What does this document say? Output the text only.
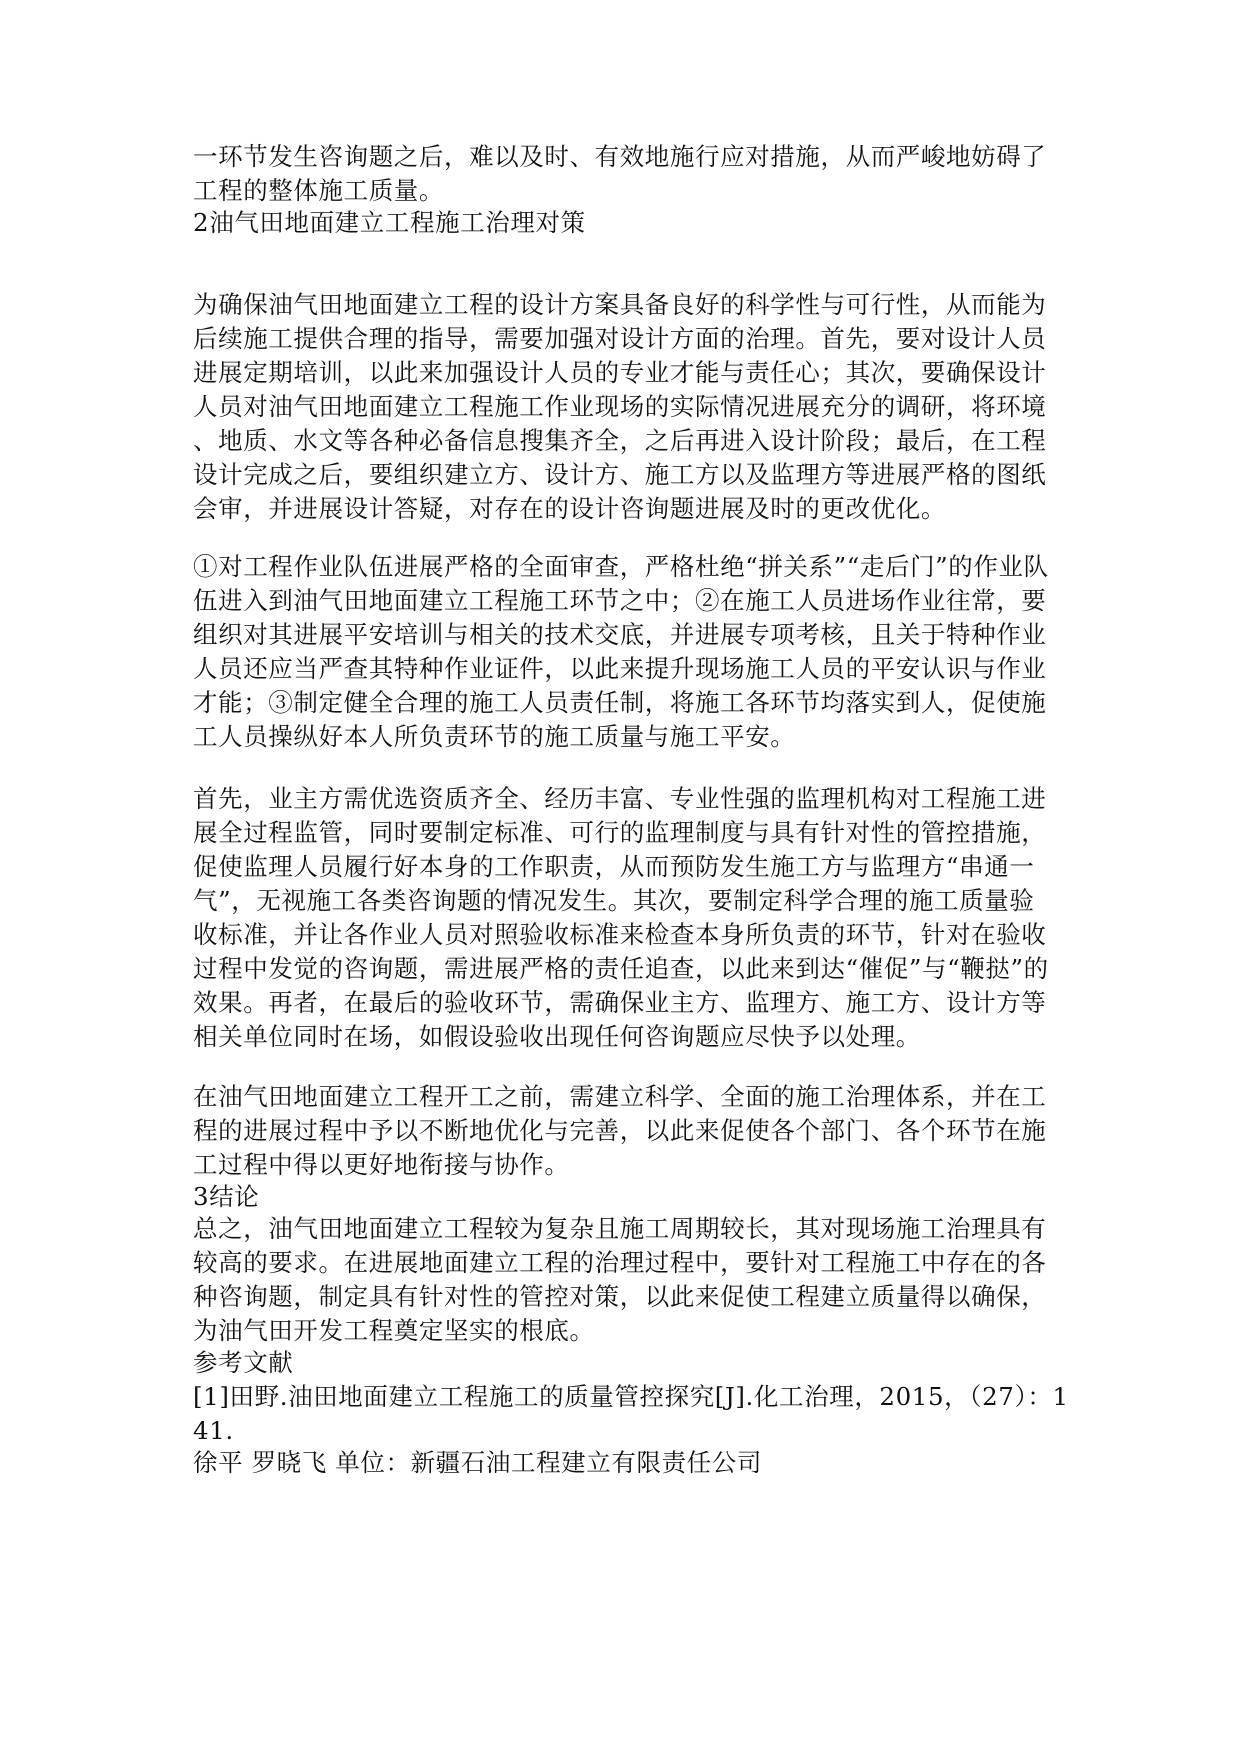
一环节发生咨询题之后，难以及时、有效地施行应对措施，从而严峻地妨碍了
工程的整体施工质量。
2油气田地面建立工程施工治理对策
为确保油气田地面建立工程的设计方案具备良好的科学性与可行性，从而能为
后续施工提供合理的指导，需要加强对设计方面的治理。首先，要对设计人员
进展定期培训，以此来加强设计人员的专业才能与责任心；其次，要确保设计
人员对油气田地面建立工程施工作业现场的实际情况进展充分的调研，将环境
、地质、水文等各种必备信息搜集齐全，之后再进入设计阶段；最后，在工程
设计完成之后，要组织建立方、设计方、施工方以及监理方等进展严格的图纸
会审，并进展设计答疑，对存在的设计咨询题进展及时的更改优化。
①对工程作业队伍进展严格的全面审查，严格杜绝“拼关系”“走后门”的作业队
伍进入到油气田地面建立工程施工环节之中；②在施工人员进场作业往常，要
组织对其进展平安培训与相关的技术交底，并进展专项考核，且关于特种作业
人员还应当严查其特种作业证件，以此来提升现场施工人员的平安认识与作业
才能；③制定健全合理的施工人员责任制，将施工各环节均落实到人，促使施
工人员操纵好本人所负责环节的施工质量与施工平安。
首先，业主方需优选资质齐全、经历丰富、专业性强的监理机构对工程施工进
展全过程监管，同时要制定标准、可行的监理制度与具有针对性的管控措施，
促使监理人员履行好本身的工作职责，从而预防发生施工方与监理方“串通一
气”，无视施工各类咨询题的情况发生。其次，要制定科学合理的施工质量验
收标准，并让各作业人员对照验收标准来检查本身所负责的环节，针对在验收
过程中发觉的咨询题，需进展严格的责任追查，以此来到达“催促”与“鞭挞”的
效果。再者，在最后的验收环节，需确保业主方、监理方、施工方、设计方等
相关单位同时在场，如假设验收出现任何咨询题应尽快予以处理。
在油气田地面建立工程开工之前，需建立科学、全面的施工治理体系，并在工
程的进展过程中予以不断地优化与完善，以此来促使各个部门、各个环节在施
工过程中得以更好地衔接与协作。
3结论
总之，油气田地面建立工程较为复杂且施工周期较长，其对现场施工治理具有
较高的要求。在进展地面建立工程的治理过程中，要针对工程施工中存在的各
种咨询题，制定具有针对性的管控对策，以此来促使工程建立质量得以确保，
为油气田开发工程奠定坚实的根底。
参考文献
[1]田野.油田地面建立工程施工的质量管控探究[J].化工治理，2015，（27）：1
41.
徐平 罗晓飞 单位：新疆石油工程建立有限责任公司
